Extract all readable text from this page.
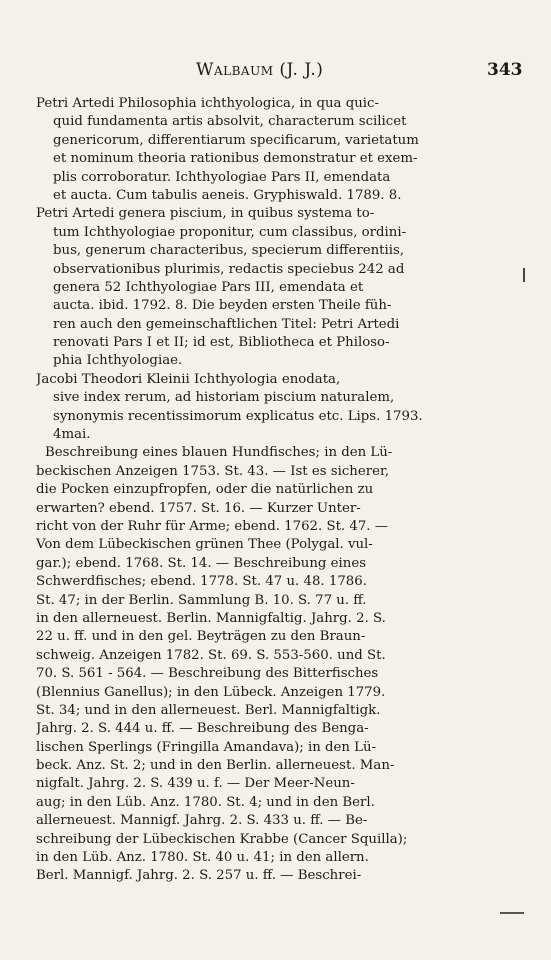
Walbaum (J. J.)	343
Petri Artedi Philosophia ichthyologica, in qua quic-
quid fundamenta artis absolvit, characterum scilicet
genericorum, differentiarum specificarum, varietatum
et nominum theoria rationibus demonstratur et exem-
plis corroboratur. Ichthyologiae Pars II, emendata
et aucta. Cum tabulis aeneis. Gryphiswald. 1789. 8.
Petri Artedi genera piscium, in quibus systema to-
tum Ichthyologiae proponitur, cum classibus, ordini-
bus, generum characteribus, specierum differentiis,
observationibus plurimis, redactis speciebus 242 ad
genera 52 Ichthyologiae Pars III, emendata et
aucta. ibid. 1792. 8. Die beyden ersten Theile füh-
ren auch den gemeinschaftlichen Titel: Petri Artedi
renovati Pars I et II; id est, Bibliotheca et Philoso-
phia Ichthyologiae.
Jacobi Theodori Kleinii Ichthyologia enodata,
sive index rerum, ad historiam piscium naturalem,
synonymis recentissimorum explicatus etc. Lips. 1793.
4mai.
Beschreibung eines blauen Hundfisches; in den Lü-
beckischen Anzeigen 1753. St. 43. — Ist es sicherer,
die Pocken einzupfropfen, oder die natürlichen zu
erwarten? ebend. 1757. St. 16. — Kurzer Unter-
richt von der Ruhr für Arme; ebend. 1762. St. 47. —
Von dem Lübeckischen grünen Thee (Polygal. vul-
gar.); ebend. 1768. St. 14. — Beschreibung eines
Schwerdfisches; ebend. 1778. St. 47 u. 48. 1786.
St. 47; in der Berlin. Sammlung B. 10. S. 77 u. ff.
in den allerneuest. Berlin. Mannigfaltig. Jahrg. 2. S.
22 u. ff. und in den gel. Beyträgen zu den Braun-
schweig. Anzeigen 1782. St. 69. S. 553-560. und St.
70. S. 561 - 564. — Beschreibung des Bitterfisches
(Blennius Ganellus); in den Lübeck. Anzeigen 1779.
St. 34; und in den allerneuest. Berl. Mannigfaltigk.
Jahrg. 2. S. 444 u. ff. — Beschreibung des Benga-
lischen Sperlings (Fringilla Amandava); in den Lü-
beck. Anz. St. 2; und in den Berlin. allerneuest. Man-
nigfalt. Jahrg. 2. S. 439 u. f. — Der Meer-Neun-
aug; in den Lüb. Anz. 1780. St. 4; und in den Berl.
allerneuest. Mannigf. Jahrg. 2. S. 433 u. ff. — Be-
schreibung der Lübeckischen Krabbe (Cancer Squilla);
in den Lüb. Anz. 1780. St. 40 u. 41; in den allern.
Berl. Mannigf. Jahrg. 2. S. 257 u. ff. — Beschrei-
